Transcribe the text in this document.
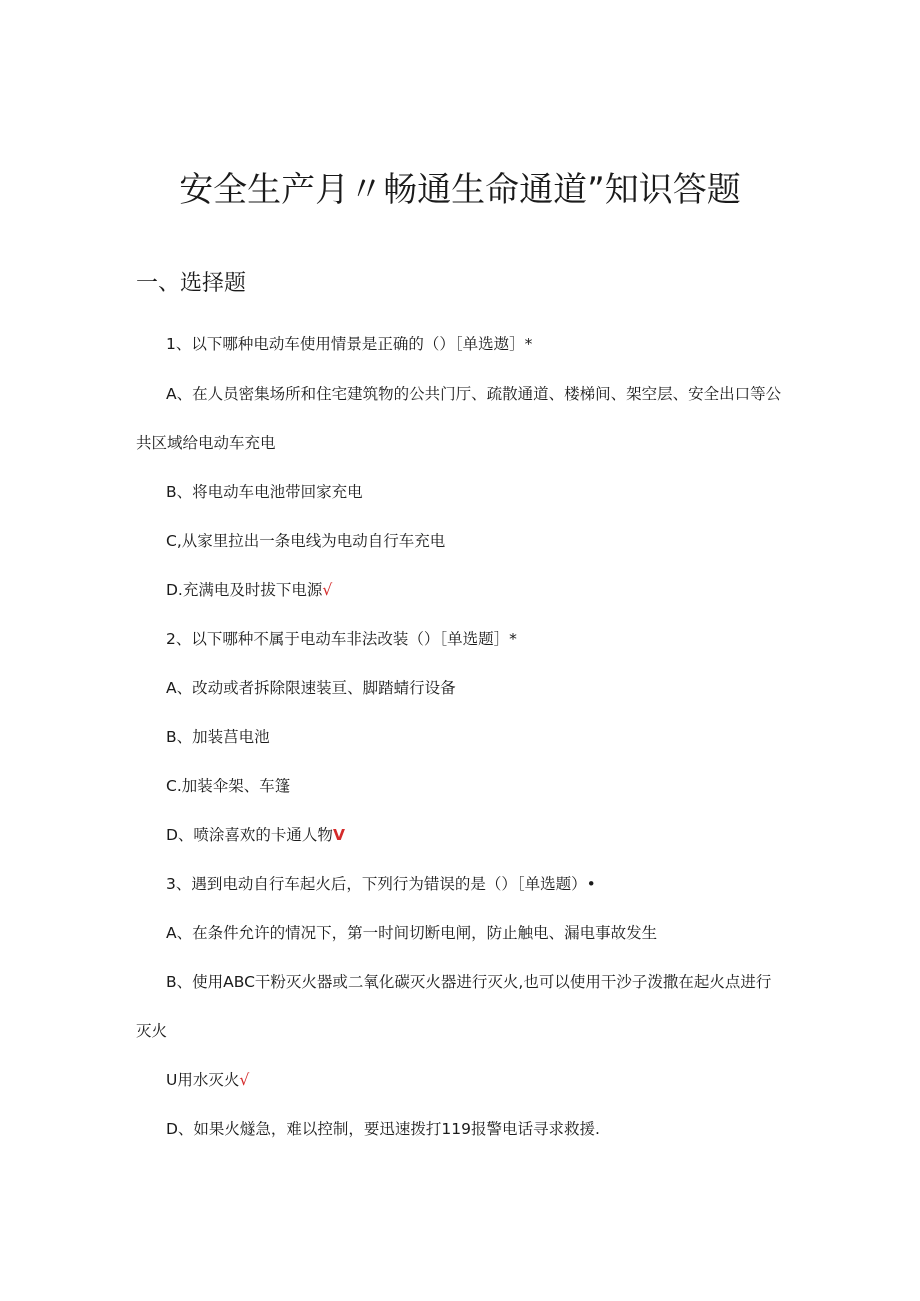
安全生产月〃畅通生命通道”知识答题
一、选择题
1、以下哪种电动车使用情景是正确的（）［单选遨］*
A、在人员密集场所和住宅建筑物的公共门厅、疏散通道、楼梯间、架空层、安全出口等公
共区域给电动车充电
B、将电动车电池带回家充电
C,从家里拉出一条电线为电动自行车充电
D.充满电及时拔下电源√
2、以下哪种不属于电动车非法改装（）［单选题］*
A、改动或者拆除限速装亘、脚踏蜻行设备
B、加装莒电池
C.加装伞架、车篷
D、喷涂喜欢的卡通人物V
3、遇到电动自行车起火后，下列行为错误的是（）［单选题）•
A、在条件允许的情况下，第一时间切断电闸，防止触电、漏电事故发生
B、使用ABC干粉灭火器或二氧化碳灭火器进行灭火,也可以使用干沙子泼撒在起火点进行
灭火
U用水灭火√
D、如果火燧急，难以控制，要迅速拨打119报警电话寻求救援.
